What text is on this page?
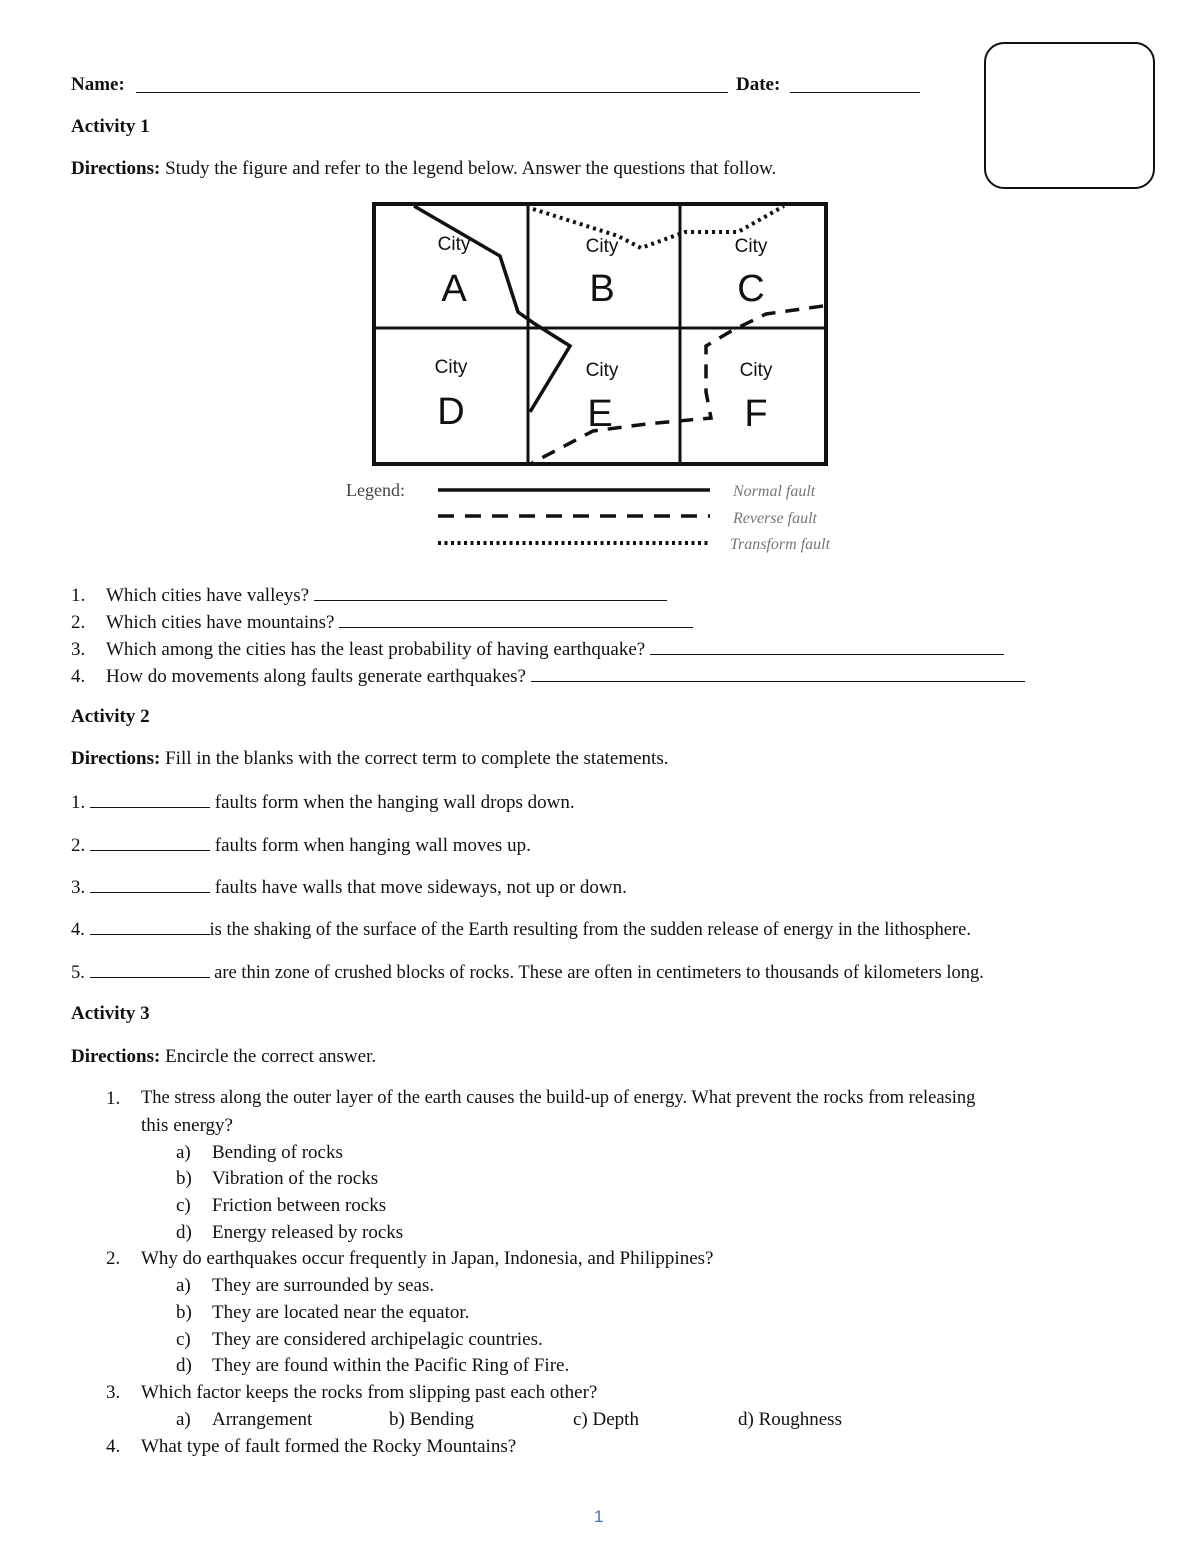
Name:	Date:
Activity 1
Directions: Study the figure and refer to the legend below. Answer the questions that follow.
City
A
City
B
City
C
City
D
City
E
City
F
Legend:	Normal fault
Reverse fault
Transform fault
1. Which cities have valleys?
2. Which cities have mountains?
3. Which among the cities has the least probability of having earthquake?
4. How do movements along faults generate earthquakes?
Activity 2
Directions: Fill in the blanks with the correct term to complete the statements.
1.	faults form when the hanging wall drops down.
2.	faults form when hanging wall moves up.
3.	faults have walls that move sideways, not up or down.
4.	is the shaking of the surface of the Earth resulting from the sudden release of energy in the lithosphere.
5.	are thin zone of crushed blocks of rocks. These are often in centimeters to thousands of kilometers long.
Activity 3
Directions: Encircle the correct answer.
1. The stress along the outer layer of the earth causes the build-up of energy. What prevent the rocks from releasing
this energy?
a) Bending of rocks
b) Vibration of the rocks
c) Friction between rocks
d) Energy released by rocks
2. Why do earthquakes occur frequently in Japan, Indonesia, and Philippines?
a) They are surrounded by seas.
b) They are located near the equator.
c) They are considered archipelagic countries.
d) They are found within the Pacific Ring of Fire.
3. Which factor keeps the rocks from slipping past each other?
a) Arrangement	b) Bending	c) Depth	d) Roughness
4. What type of fault formed the Rocky Mountains?
1
